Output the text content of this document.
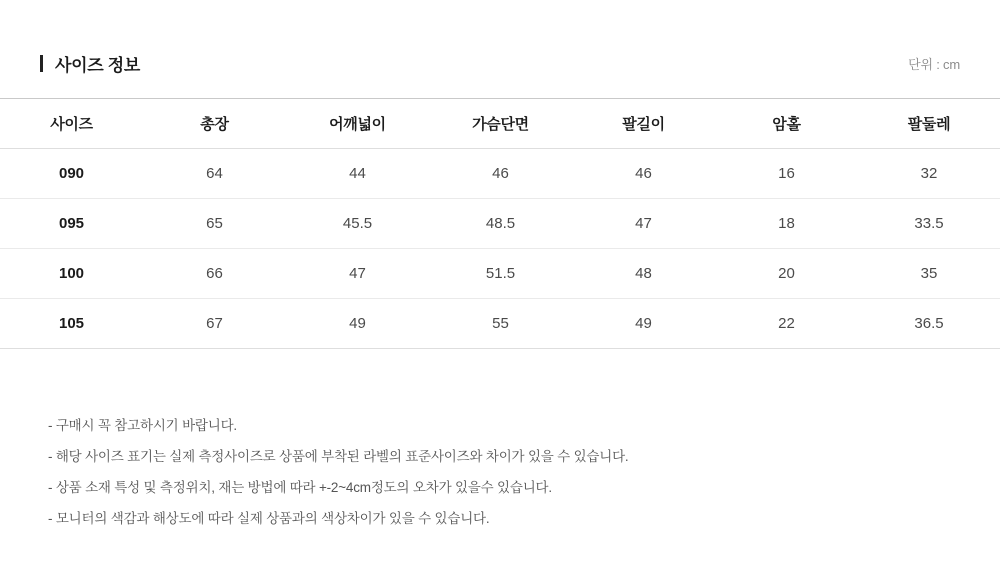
사이즈 정보	단위 : cm
사이즈	총장	어깨넓이	가슴단면	팔길이	암홀	팔둘레
090	64	44	46	46	16	32
095	65	45.5	48.5	47	18	33.5
100	66	47	51.5	48	20	35
105	67	49	55	49	22	36.5
- 구매시 꼭 참고하시기 바랍니다.
- 해당 사이즈 표기는 실제 측정사이즈로 상품에 부착된 라벨의 표준사이즈와 차이가 있을 수 있습니다.
- 상품 소재 특성 및 측정위치, 재는 방법에 따라 +-2~4cm정도의 오차가 있을수 있습니다.
- 모니터의 색감과 해상도에 따라 실제 상품과의 색상차이가 있을 수 있습니다.
